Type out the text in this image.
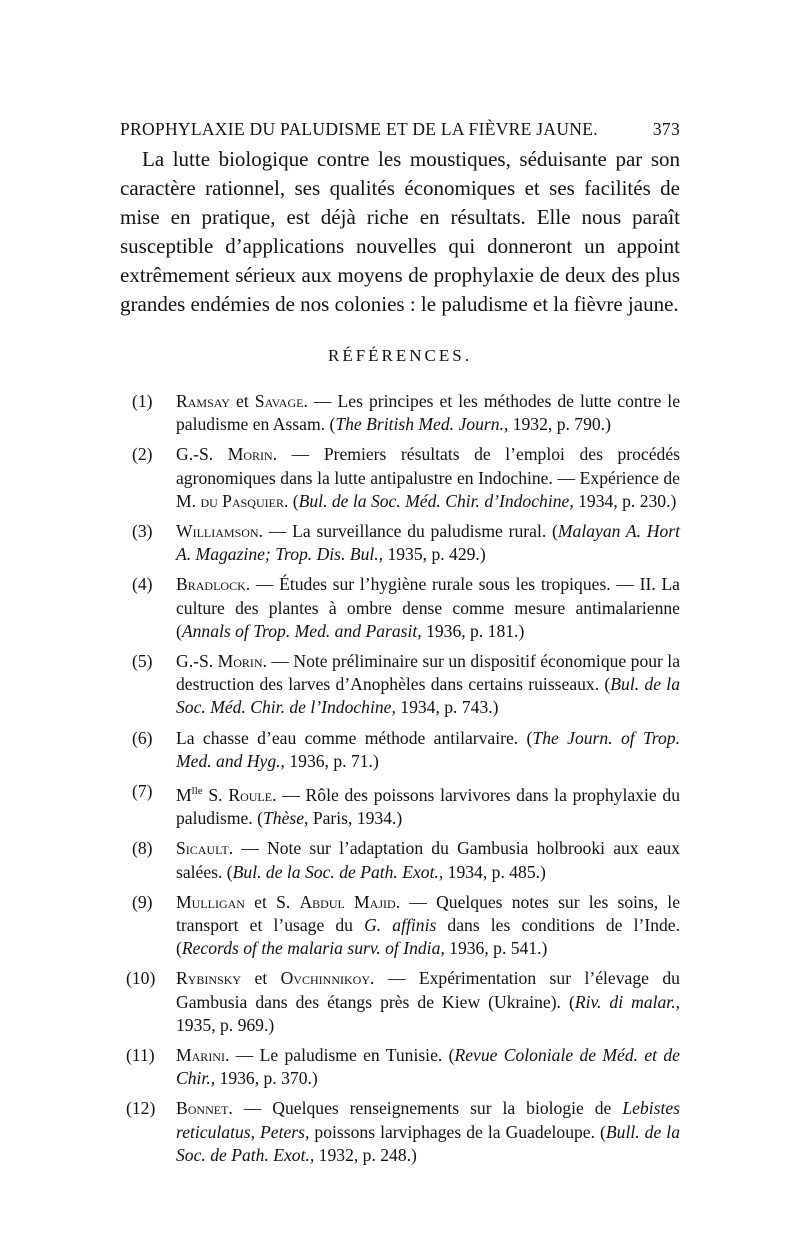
PROPHYLAXIE DU PALUDISME ET DE LA FIÈVRE JAUNE.	373

La lutte biologique contre les moustiques, séduisante par son caractère rationnel, ses qualités économiques et ses facilités de mise en pratique, est déjà riche en résultats. Elle nous paraît susceptible d’applications nouvelles qui donneront un appoint extrêmement sérieux aux moyens de prophylaxie de deux des plus grandes endémies de nos colonies : le paludisme et la fièvre jaune.

RÉFÉRENCES.
(1) Ramsay et Savage. — Les principes et les méthodes de lutte contre le paludisme en Assam. (The British Med. Journ., 1932, p. 790.)
(2) G.-S. Morin. — Premiers résultats de l’emploi des procédés agronomiques dans la lutte antipalustre en Indochine. — Expérience de M. du Pasquier. (Bul. de la Soc. Méd. Chir. d’Indochine, 1934, p. 230.)
(3) Williamson. — La surveillance du paludisme rural. (Malayan A. Hort A. Magazine; Trop. Dis. Bul., 1935, p. 429.)
(4) Bradlock. — Études sur l’hygiène rurale sous les tropiques. — II. La culture des plantes à ombre dense comme mesure antimalarienne (Annals of Trop. Med. and Parasit, 1936, p. 181.)
(5) G.-S. Morin. — Note préliminaire sur un dispositif économique pour la destruction des larves d’Anophèles dans certains ruisseaux. (Bul. de la Soc. Méd. Chir. de l’Indochine, 1934, p. 743.)
(6) La chasse d’eau comme méthode antilarvaire. (The Journ. of Trop. Med. and Hyg., 1936, p. 71.)
(7) $M^{lle}$ S. Roule. — Rôle des poissons larvivores dans la prophylaxie du paludisme. (Thèse, Paris, 1934.)
(8) Sicault. — Note sur l’adaptation du Gambusia holbrooki aux eaux salées. (Bul. de la Soc. de Path. Exot., 1934, p. 485.)
(9) Mulligan et S. Abdul Majid. — Quelques notes sur les soins, le transport et l’usage du G. affinis dans les conditions de l’Inde. (Records of the malaria surv. of India, 1936, p. 541.)
(10) Rybinsky et Ovchinnikoy. — Expérimentation sur l’élevage du Gambusia dans des étangs près de Kiew (Ukraine). (Riv. di malar., 1935, p. 969.)
(11) Marini. — Le paludisme en Tunisie. (Revue Coloniale de Méd. et de Chir., 1936, p. 370.)
(12) Bonnet. — Quelques renseignements sur la biologie de Lebistes reticulatus, Peters, poissons larviphages de la Guadeloupe. (Bull. de la Soc. de Path. Exot., 1932, p. 248.)
